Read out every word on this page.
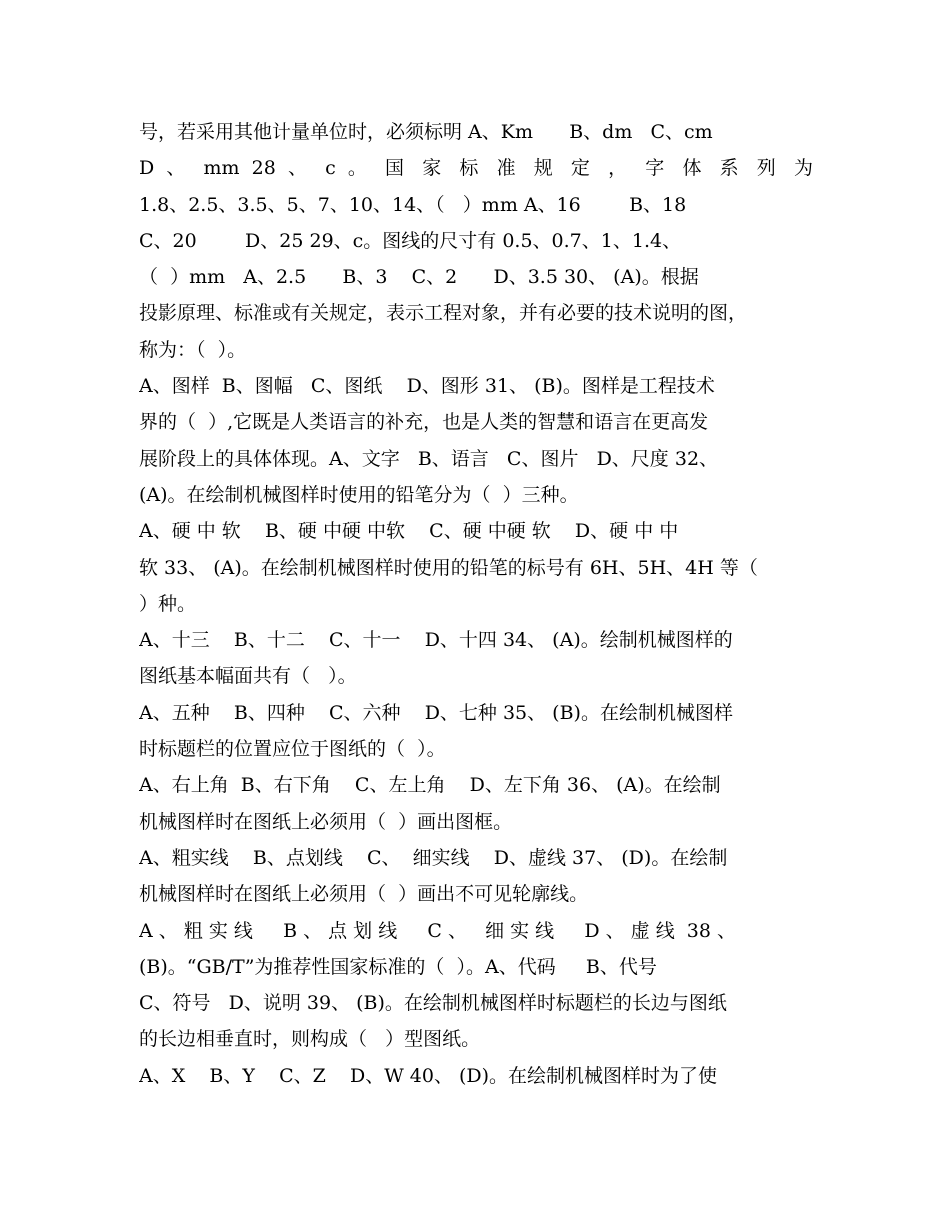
号，若采用其他计量单位时，必须标明 A、Km      B、dm   C、cm
D 、 mm 28 、 c 。 国 家 标 准 规 定 ， 字 体 系 列 为
1.8、2.5、3.5、5、7、10、14、（   ）mm A、16        B、18
C、20        D、25 29、c。图线的尺寸有 0.5、0.7、1、1.4、
（  ）mm   A、2.5      B、3    C、2      D、3.5 30、 (A)。根据
投影原理、标准或有关规定，表示工程对象，并有必要的技术说明的图，
称为：（  ）。
A、图样  B、图幅   C、图纸    D、图形 31、 (B)。图样是工程技术
界的（  ）,它既是人类语言的补充，也是人类的智慧和语言在更高发
展阶段上的具体体现。A、文字   B、语言   C、图片   D、尺度 32、
(A)。在绘制机械图样时使用的铅笔分为（  ）三种。
A、硬 中 软    B、硬 中硬 中软    C、硬 中硬 软    D、硬 中 中
软 33、 (A)。在绘制机械图样时使用的铅笔的标号有 6H、5H、4H 等（
）种。
A、十三    B、十二    C、十一    D、十四 34、 (A)。绘制机械图样的
图纸基本幅面共有（   ）。
A、五种    B、四种    C、六种    D、七种 35、 (B)。在绘制机械图样
时标题栏的位置应位于图纸的（  ）。
A、右上角  B、右下角    C、左上角    D、左下角 36、 (A)。在绘制
机械图样时在图纸上必须用（  ）画出图框。
A、粗实线    B、点划线    C、  细实线    D、虚线 37、 (D)。在绘制
机械图样时在图纸上必须用（  ）画出不可见轮廓线。
A 、 粗 实 线     B 、 点 划 线     C 、   细 实 线     D 、 虚 线  38 、
(B)。“GB/T”为推荐性国家标准的（  ）。A、代码     B、代号
C、符号   D、说明 39、 (B)。在绘制机械图样时标题栏的长边与图纸
的长边相垂直时，则构成（   ）型图纸。
A、X    B、Y    C、Z    D、W 40、 (D)。在绘制机械图样时为了使
